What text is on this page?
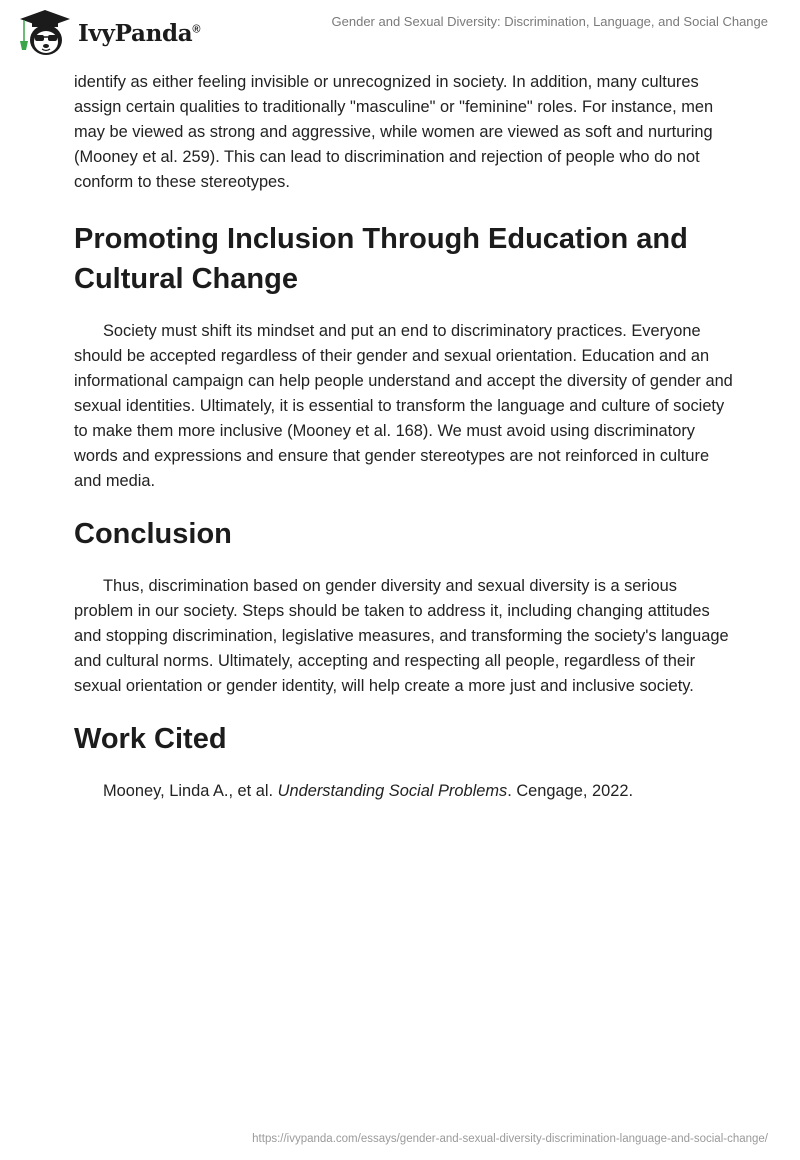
IvyPanda®	Gender and Sexual Diversity: Discrimination, Language, and Social Change

identify as either feeling invisible or unrecognized in society. In addition, many cultures assign certain qualities to traditionally "masculine" or "feminine" roles. For instance, men may be viewed as strong and aggressive, while women are viewed as soft and nurturing (Mooney et al. 259). This can lead to discrimination and rejection of people who do not conform to these stereotypes.

Promoting Inclusion Through Education and Cultural Change

Society must shift its mindset and put an end to discriminatory practices. Everyone should be accepted regardless of their gender and sexual orientation. Education and an informational campaign can help people understand and accept the diversity of gender and sexual identities. Ultimately, it is essential to transform the language and culture of society to make them more inclusive (Mooney et al. 168). We must avoid using discriminatory words and expressions and ensure that gender stereotypes are not reinforced in culture and media.

Conclusion

Thus, discrimination based on gender diversity and sexual diversity is a serious problem in our society. Steps should be taken to address it, including changing attitudes and stopping discrimination, legislative measures, and transforming the society's language and cultural norms. Ultimately, accepting and respecting all people, regardless of their sexual orientation or gender identity, will help create a more just and inclusive society.

Work Cited

Mooney, Linda A., et al. Understanding Social Problems. Cengage, 2022.

https://ivypanda.com/essays/gender-and-sexual-diversity-discrimination-language-and-social-change/
